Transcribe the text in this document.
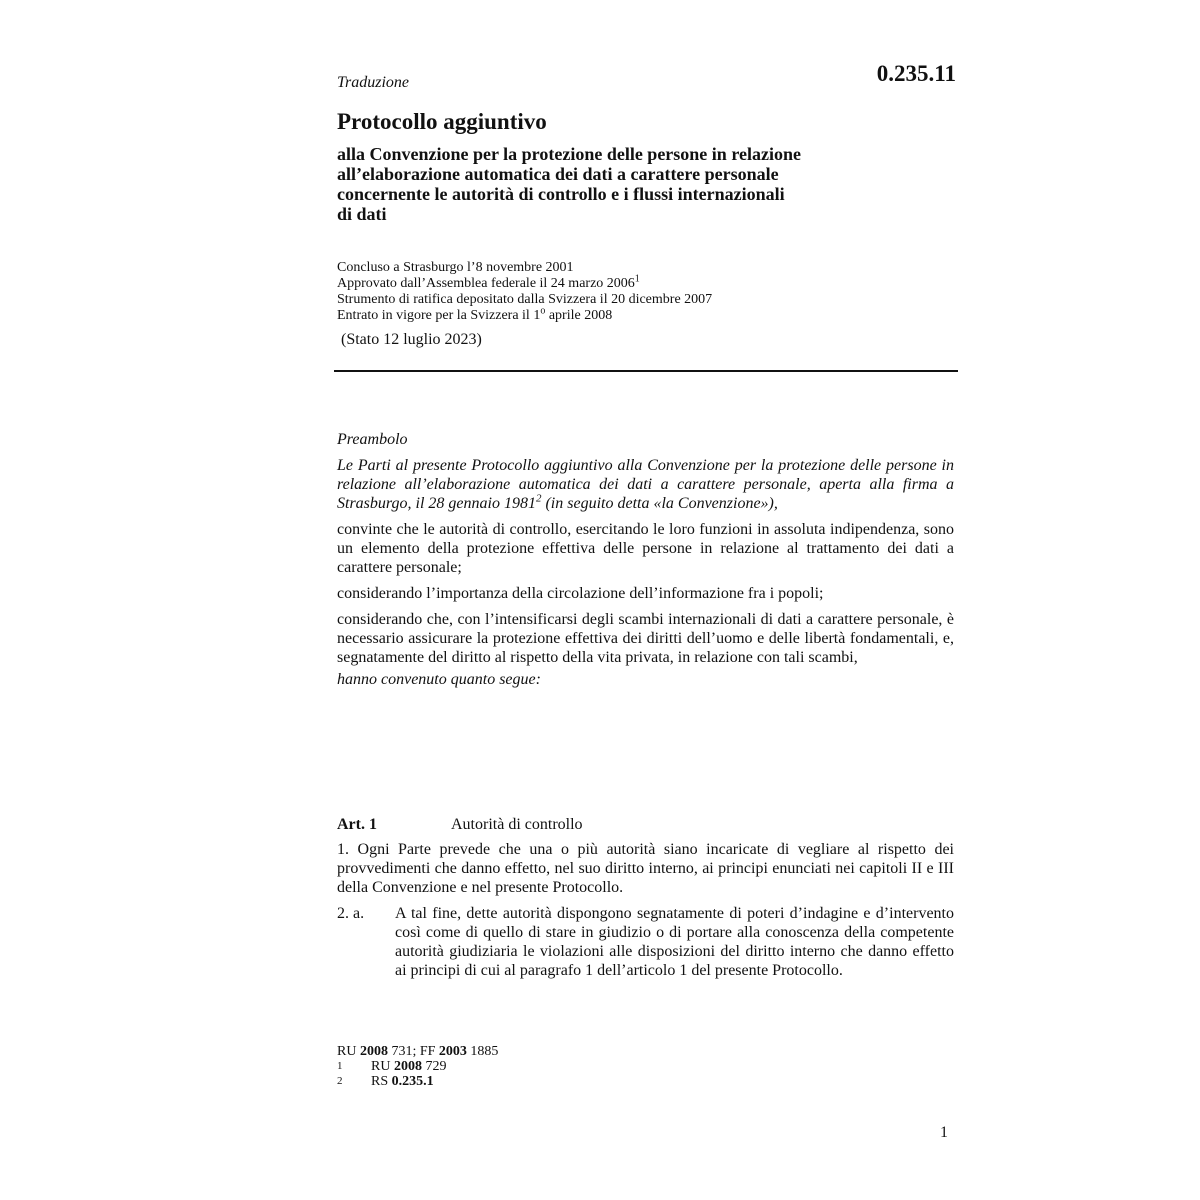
Traduzione	0.235.11
Protocollo aggiuntivo
alla Convenzione per la protezione delle persone in relazione
all’elaborazione automatica dei dati a carattere personale
concernente le autorità di controllo e i flussi internazionali
di dati
Concluso a Strasburgo l’8 novembre 2001
Approvato dall’Assemblea federale il 24 marzo 2006$^1$
Strumento di ratifica depositato dalla Svizzera il 20 dicembre 2007
Entrato in vigore per la Svizzera il 1$^o$ aprile 2008
(Stato 12 luglio 2023)

Preambolo

Le Parti al presente Protocollo aggiuntivo alla Convenzione per la protezione delle persone in relazione all’elaborazione automatica dei dati a carattere personale, aperta alla firma a Strasburgo, il 28 gennaio 1981$^2$ (in seguito detta «la Convenzione»),

convinte che le autorità di controllo, esercitando le loro funzioni in assoluta indipendenza, sono un elemento della protezione effettiva delle persone in relazione al trattamento dei dati a carattere personale;

considerando l’importanza della circolazione dell’informazione fra i popoli;

considerando che, con l’intensificarsi degli scambi internazionali di dati a carattere personale, è necessario assicurare la protezione effettiva dei diritti dell’uomo e delle libertà fondamentali, e, segnatamente del diritto al rispetto della vita privata, in relazione con tali scambi,

hanno convenuto quanto segue:

Art. 1	Autorità di controllo

1. Ogni Parte prevede che una o più autorità siano incaricate di vegliare al rispetto dei provvedimenti che danno effetto, nel suo diritto interno, ai principi enunciati nei capitoli II e III della Convenzione e nel presente Protocollo.

2. a.	A tal fine, dette autorità dispongono segnatamente di poteri d’indagine e d’intervento così come di quello di stare in giudizio o di portare alla conoscenza della competente autorità giudiziaria le violazioni alle disposizioni del diritto interno che danno effetto ai principi di cui al paragrafo 1 dell’articolo 1 del presente Protocollo.
RU 2008 731; FF 2003 1885
1	RU 2008 729
2	RS 0.235.1
1
